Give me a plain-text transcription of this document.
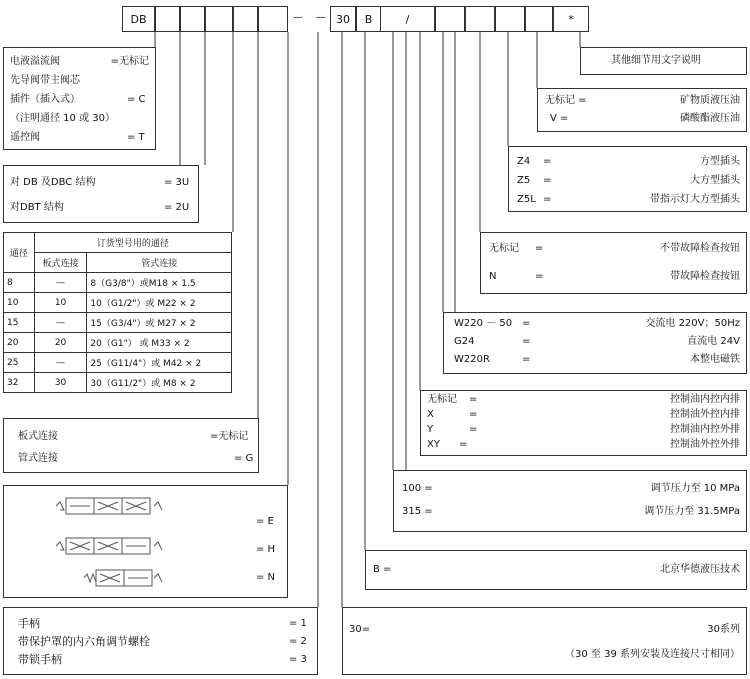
DB	— — 30	B	/	*
电液溢流阀	=无标记
先导阀带主阀芯
插件（插入式）	= C
（注明通径 10 或 30）
遥控阀	= T
对 DB 及DBC 结构	= 3U
对DBT 结构	= 2U
通径	订货型号用的通径	
	板式连接	管式连接
8	—	8（G3/8"）或M18 × 1.5
10	10	10（G1/2"）或 M22 × 2
15	—	15（G3/4"）或 M27 × 2
20	20	20（G1"） 或 M33 × 2
25	—	25（G11/4"）或 M42 × 2
32	30	30（G11/2"）或 M8 × 2
板式连接	=无标记
管式连接	= G
= E
= H
= N
手柄	= 1
带保护罩的内六角调节螺栓	= 2
带锁手柄	= 3
其他细节用文字说明
无标记 =	矿物质液压油
V =	磷酸酯液压油
Z4 =	方型插头
Z5 =	大方型插头
Z5L =	带指示灯大方型插头
无标记 =	不带故障检查按钮
N	=	带故障检查按钮
W220 － 50 =	交流电 220V；50Hz
G24	=	直流电 24V
W220R	=	本整电磁铁
无标记 =	控制油内控内排
X	=	控制油外控内排
Y	=	控制油内控外排
XY =	控制油外控外排
100 =	调节压力至 10 MPa
315 =	调节压力至 31.5MPa
B =	北京华德液压技术
30=	30系列
（30 至 39 系列安装及连接尺寸相同）
